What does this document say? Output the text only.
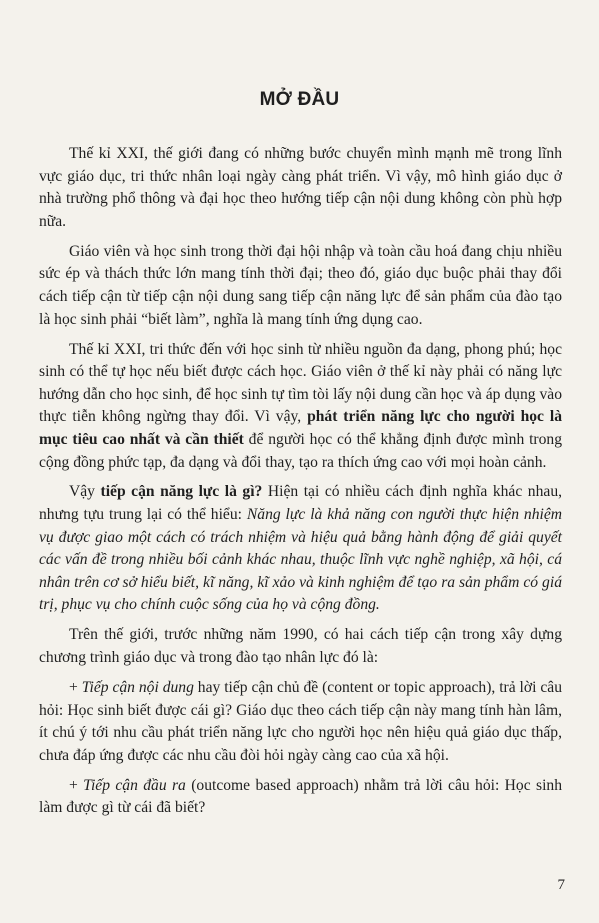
MỞ ĐẦU

Thế kỉ XXI, thế giới đang có những bước chuyển mình mạnh mẽ trong lĩnh vực giáo dục, tri thức nhân loại ngày càng phát triển. Vì vậy, mô hình giáo dục ở nhà trường phổ thông và đại học theo hướng tiếp cận nội dung không còn phù hợp nữa.

Giáo viên và học sinh trong thời đại hội nhập và toàn cầu hoá đang chịu nhiều sức ép và thách thức lớn mang tính thời đại; theo đó, giáo dục buộc phải thay đổi cách tiếp cận từ tiếp cận nội dung sang tiếp cận năng lực để sản phẩm của đào tạo là học sinh phải “biết làm”, nghĩa là mang tính ứng dụng cao.

Thế kỉ XXI, tri thức đến với học sinh từ nhiều nguồn đa dạng, phong phú; học sinh có thể tự học nếu biết được cách học. Giáo viên ở thế kỉ này phải có năng lực hướng dẫn cho học sinh, để học sinh tự tìm tòi lấy nội dung cần học và áp dụng vào thực tiễn không ngừng thay đổi. Vì vậy, phát triển năng lực cho người học là mục tiêu cao nhất và cần thiết để người học có thể khẳng định được mình trong cộng đồng phức tạp, đa dạng và đổi thay, tạo ra thích ứng cao với mọi hoàn cảnh.

Vậy tiếp cận năng lực là gì? Hiện tại có nhiều cách định nghĩa khác nhau, nhưng tựu trung lại có thể hiểu: Năng lực là khả năng con người thực hiện nhiệm vụ được giao một cách có trách nhiệm và hiệu quả bằng hành động để giải quyết các vấn đề trong nhiều bối cảnh khác nhau, thuộc lĩnh vực nghề nghiệp, xã hội, cá nhân trên cơ sở hiểu biết, kĩ năng, kĩ xảo và kinh nghiệm để tạo ra sản phẩm có giá trị, phục vụ cho chính cuộc sống của họ và cộng đồng.

Trên thế giới, trước những năm 1990, có hai cách tiếp cận trong xây dựng chương trình giáo dục và trong đào tạo nhân lực đó là:

+ Tiếp cận nội dung hay tiếp cận chủ đề (content or topic approach), trả lời câu hỏi: Học sinh biết được cái gì? Giáo dục theo cách tiếp cận này mang tính hàn lâm, ít chú ý tới nhu cầu phát triển năng lực cho người học nên hiệu quả giáo dục thấp, chưa đáp ứng được các nhu cầu đòi hỏi ngày càng cao của xã hội.

+ Tiếp cận đầu ra (outcome based approach) nhằm trả lời câu hỏi: Học sinh làm được gì từ cái đã biết?

7
